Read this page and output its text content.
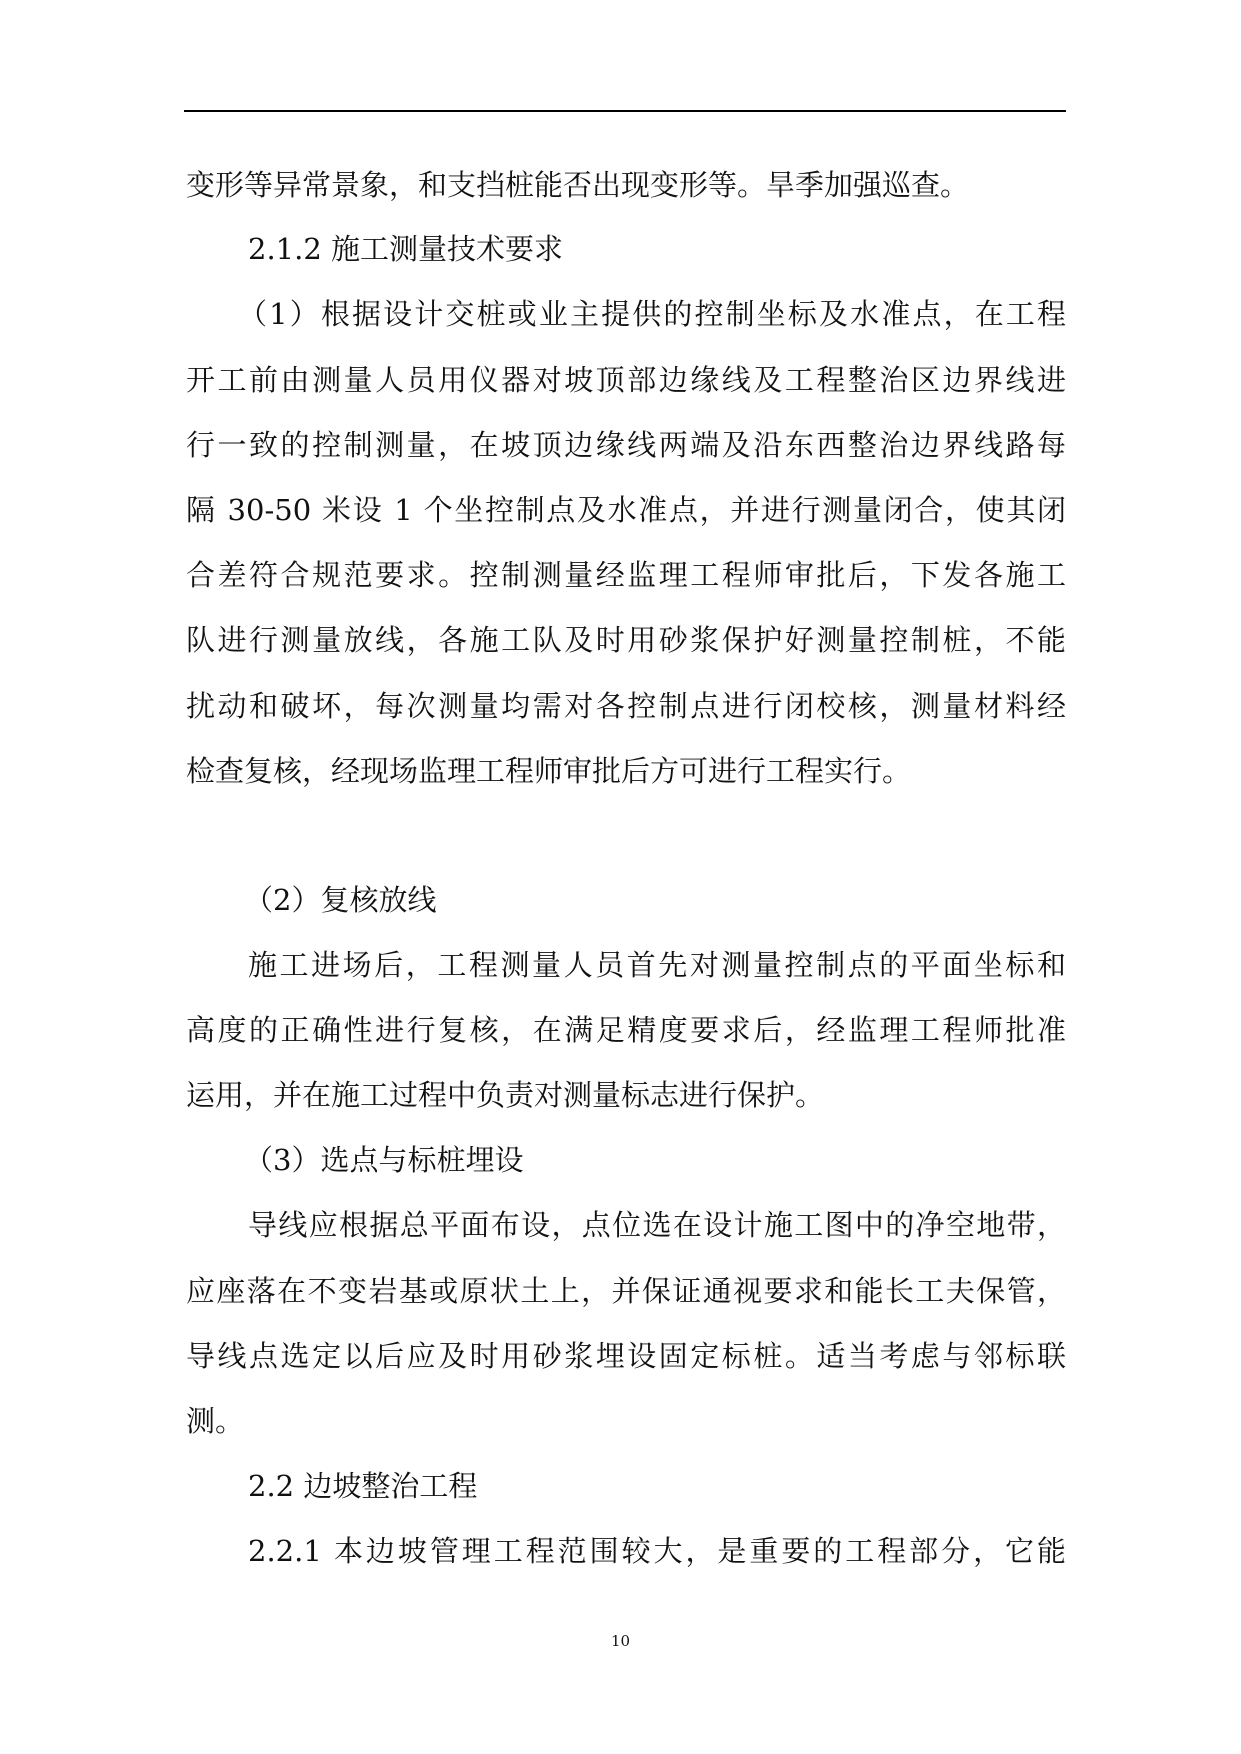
变形等异常景象，和支挡桩能否出现变形等。旱季加强巡查。
2.1.2 施工测量技术要求
（1）根据设计交桩或业主提供的控制坐标及水准点，在工程
开工前由测量人员用仪器对坡顶部边缘线及工程整治区边界线进
行一致的控制测量，在坡顶边缘线两端及沿东西整治边界线路每
隔 30-50 米设 1 个坐控制点及水准点，并进行测量闭合，使其闭
合差符合规范要求。控制测量经监理工程师审批后，下发各施工
队进行测量放线，各施工队及时用砂浆保护好测量控制桩，不能
扰动和破坏，每次测量均需对各控制点进行闭校核，测量材料经
检查复核，经现场监理工程师审批后方可进行工程实行。
（2）复核放线
施工进场后，工程测量人员首先对测量控制点的平面坐标和
高度的正确性进行复核，在满足精度要求后，经监理工程师批准
运用，并在施工过程中负责对测量标志进行保护。
（3）选点与标桩埋设
导线应根据总平面布设，点位选在设计施工图中的净空地带，
应座落在不变岩基或原状土上，并保证通视要求和能长工夫保管，
导线点选定以后应及时用砂浆埋设固定标桩。适当考虑与邻标联
测。
2.2 边坡整治工程
2.2.1 本边坡管理工程范围较大，是重要的工程部分，它能
10
